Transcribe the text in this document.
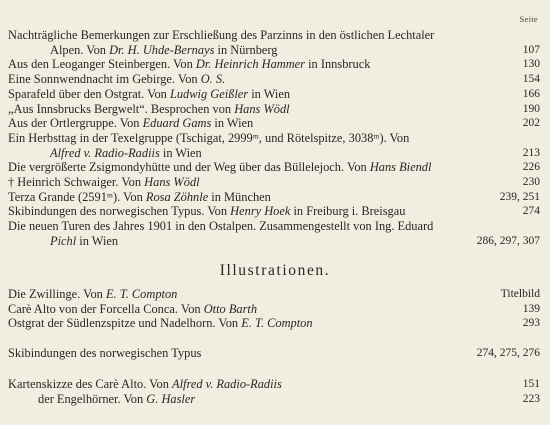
Seite
Nachträgliche Bemerkungen zur Erschließung des Parzinns in den östlichen Lechtaler
Alpen. Von Dr. H. Uhde-Bernays in Nürnberg	107
Aus den Leoganger Steinbergen. Von Dr. Heinrich Hammer in Innsbruck	130
Eine Sonnwendnacht im Gebirge. Von O. S.	154
Sparafeld über den Ostgrat. Von Ludwig Geißler in Wien	166
„Aus Innsbrucks Bergwelt“. Besprochen von Hans Wödl	190
Aus der Ortlergruppe. Von Eduard Gams in Wien	202
Ein Herbsttag in der Texelgruppe (Tschigat, 2999ᵐ, und Rötelspitze, 3038ᵐ). Von
Alfred v. Radio-Radiis in Wien	213
Die vergrößerte Zsigmondyhütte und der Weg über das Büllelejoch. Von Hans Biendl	226
† Heinrich Schwaiger. Von Hans Wödl	230
Terza Grande (2591ᵐ). Von Rosa Zöhnle in München	239, 251
Skibindungen des norwegischen Typus. Von Henry Hoek in Freiburg i. Breisgau	274
Die neuen Turen des Jahres 1901 in den Ostalpen. Zusammengestellt von Ing. Eduard
Pichl in Wien	286, 297, 307
Illustrationen.
Die Zwillinge. Von E. T. Compton	Titelbild
Carè Alto von der Forcella Conca. Von Otto Barth	139
Ostgrat der Südlenzspitze und Nadelhorn. Von E. T. Compton	293
Skibindungen des norwegischen Typus	274, 275, 276
Kartenskizze des Carè Alto. Von Alfred v. Radio-Radiis	151
der Engelhörner. Von G. Hasler	223
